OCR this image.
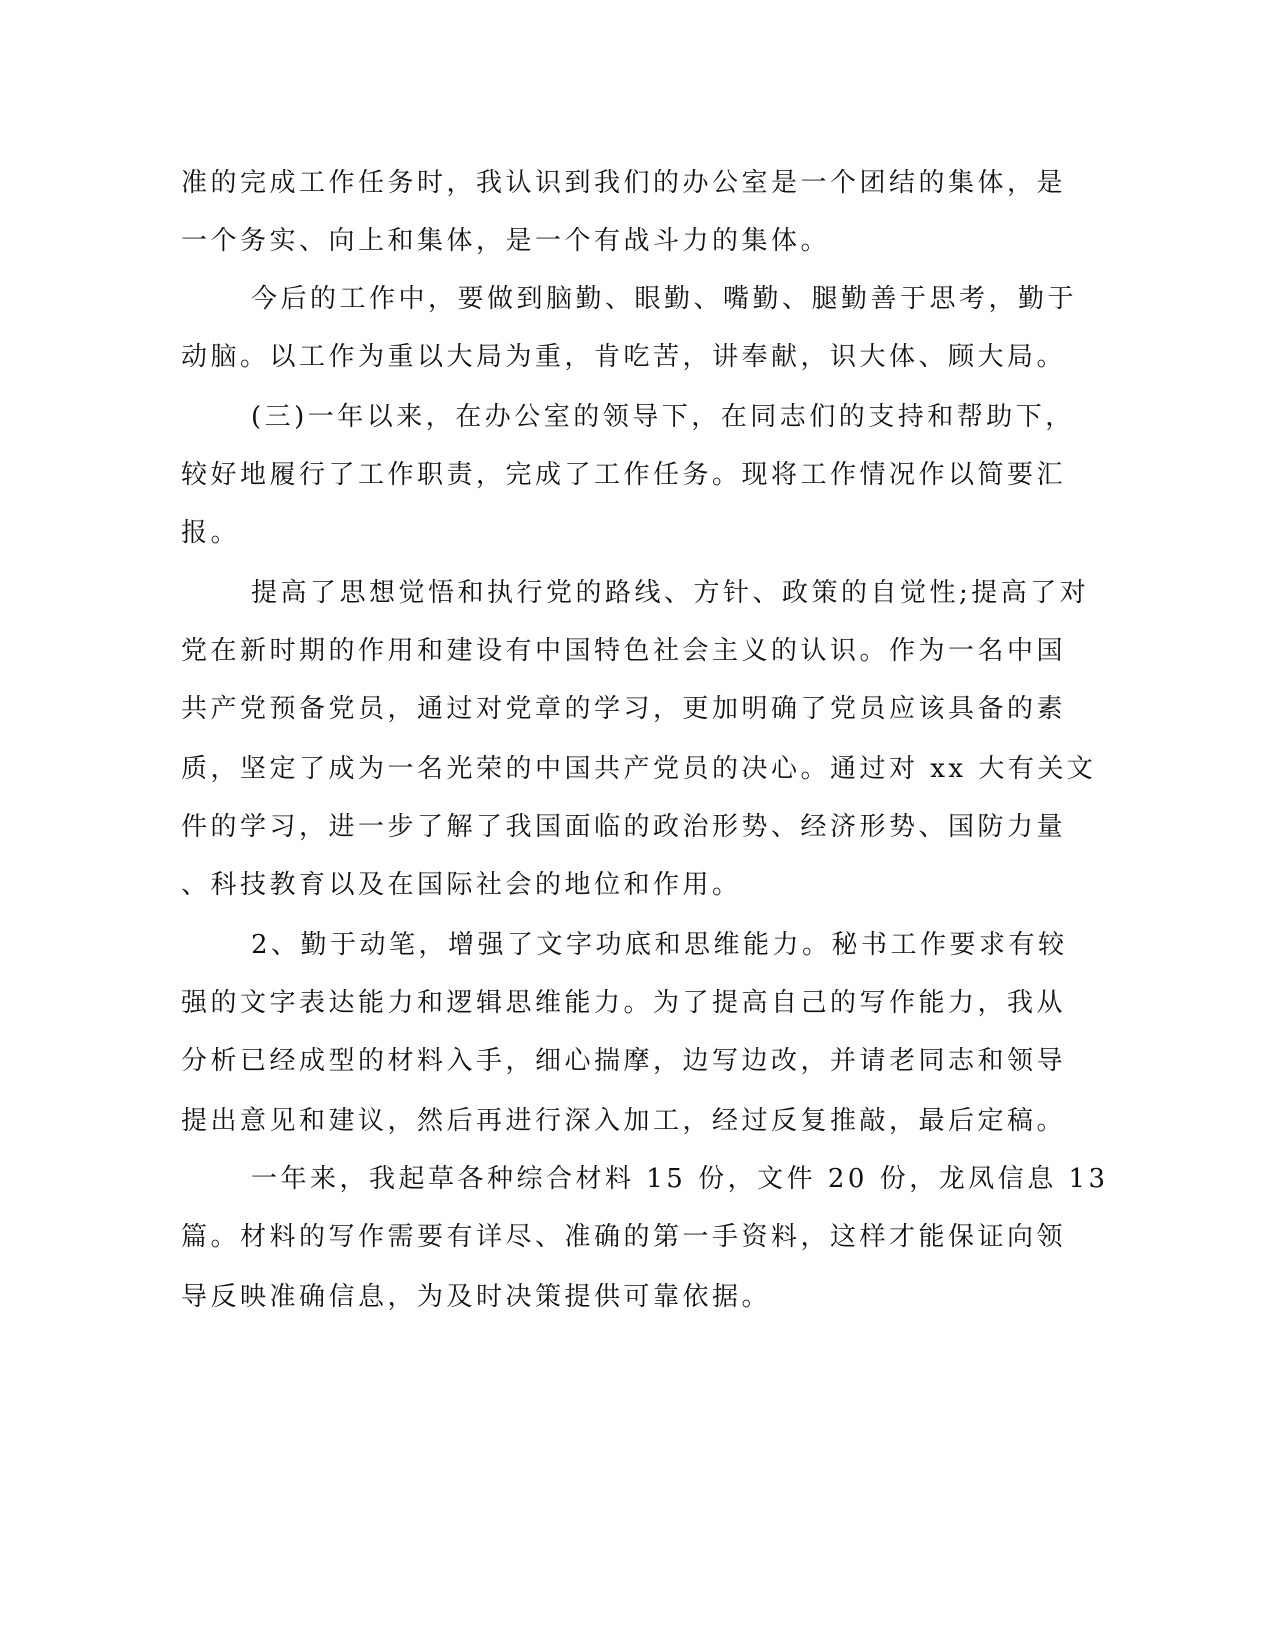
准的完成工作任务时，我认识到我们的办公室是一个团结的集体，是
一个务实、向上和集体，是一个有战斗力的集体。
今后的工作中，要做到脑勤、眼勤、嘴勤、腿勤善于思考，勤于
动脑。以工作为重以大局为重，肯吃苦，讲奉献，识大体、顾大局。
(三)一年以来，在办公室的领导下，在同志们的支持和帮助下，
较好地履行了工作职责，完成了工作任务。现将工作情况作以简要汇
报。
提高了思想觉悟和执行党的路线、方针、政策的自觉性;提高了对
党在新时期的作用和建设有中国特色社会主义的认识。作为一名中国
共产党预备党员，通过对党章的学习，更加明确了党员应该具备的素
质，坚定了成为一名光荣的中国共产党员的决心。通过对 xx 大有关文
件的学习，进一步了解了我国面临的政治形势、经济形势、国防力量
、科技教育以及在国际社会的地位和作用。
2、勤于动笔，增强了文字功底和思维能力。秘书工作要求有较
强的文字表达能力和逻辑思维能力。为了提高自己的写作能力，我从
分析已经成型的材料入手，细心揣摩，边写边改，并请老同志和领导
提出意见和建议，然后再进行深入加工，经过反复推敲，最后定稿。
一年来，我起草各种综合材料 15 份，文件 20 份，龙凤信息 13
篇。材料的写作需要有详尽、准确的第一手资料，这样才能保证向领
导反映准确信息，为及时决策提供可靠依据。
